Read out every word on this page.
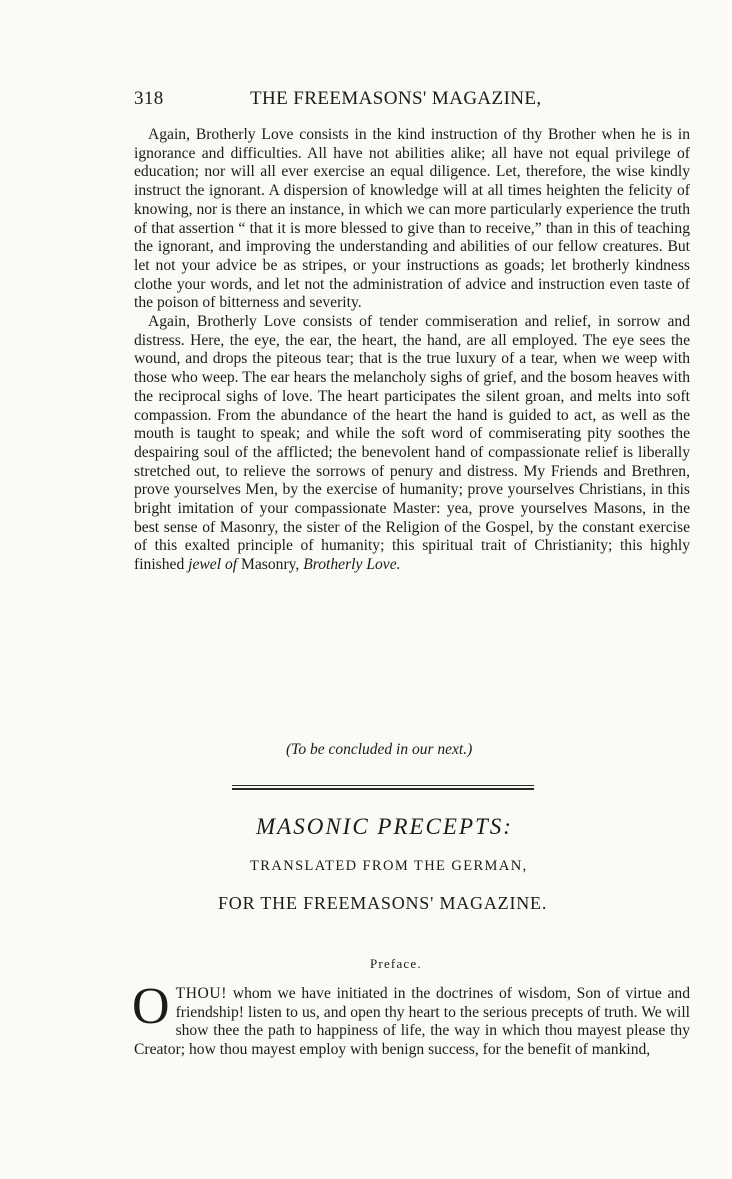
318	THE FREEMASONS' MAGAZINE,

Again, Brotherly Love consists in the kind instruction of thy Brother when he is in ignorance and difficulties. All have not abilities alike; all have not equal privilege of education; nor will all ever exercise an equal diligence. Let, therefore, the wise kindly instruct the ignorant. A dispersion of knowledge will at all times heighten the felicity of knowing, nor is there an instance, in which we can more particularly experience the truth of that assertion “ that it is more blessed to give than to receive,” than in this of teaching the ignorant, and improving the understanding and abilities of our fellow creatures. But let not your advice be as stripes, or your instructions as goads; let brotherly kindness clothe your words, and let not the administration of advice and instruction even taste of the poison of bitterness and severity.

Again, Brotherly Love consists of tender commiseration and relief, in sorrow and distress. Here, the eye, the ear, the heart, the hand, are all employed. The eye sees the wound, and drops the piteous tear; that is the true luxury of a tear, when we weep with those who weep. The ear hears the melancholy sighs of grief, and the bosom heaves with the reciprocal sighs of love. The heart participates the silent groan, and melts into soft compassion. From the abundance of the heart the hand is guided to act, as well as the mouth is taught to speak; and while the soft word of commiserating pity soothes the despairing soul of the afflicted; the benevolent hand of compassionate relief is liberally stretched out, to relieve the sorrows of penury and distress. My Friends and Brethren, prove yourselves Men, by the exercise of humanity; prove yourselves Christians, in this bright imitation of your compassionate Master: yea, prove yourselves Masons, in the best sense of Masonry, the sister of the Religion of the Gospel, by the constant exercise of this exalted principle of humanity; this spiritual trait of Christianity; this highly finished jewel of Masonry, Brotherly Love.

(To be concluded in our next.)
MASONIC PRECEPTS:
TRANSLATED FROM THE GERMAN,
FOR THE FREEMASONS' MAGAZINE.
Preface.
OTHOU! whom we have initiated in the doctrines of wisdom, Son of virtue and friendship! listen to us, and open thy heart to the serious precepts of truth. We will show thee the path to happiness of life, the way in which thou mayest please thy Creator; how thou mayest employ with benign success, for the benefit of mankind,
